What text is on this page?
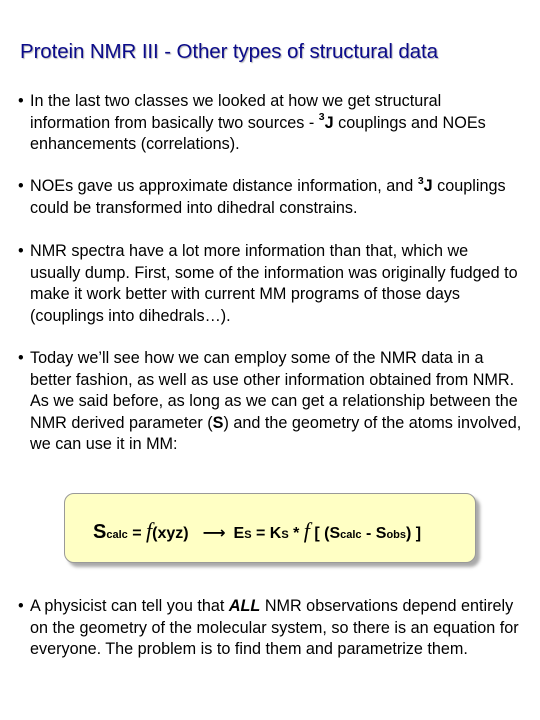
Protein NMR III - Other types of structural data
• In the last two classes we looked at how we get structural information from basically two sources - $^3$J couplings and NOEs enhancements (correlations).
• NOEs gave us approximate distance information, and $^3$J couplings could be transformed into dihedral constrains.
• NMR spectra have a lot more information than that, which we usually dump. First, some of the information was originally fudged to make it work better with current MM programs of those days (couplings into dihedrals…).
• Today we’ll see how we can employ some of the NMR data in a better fashion, as well as use other information obtained from NMR. As we said before, as long as we can get a relationship between the NMR derived parameter (S) and the geometry of the atoms involved, we can use it in MM:
S calc = f (xyz) ⟶ E S = K S * f [ (S calc - S obs ) ]
• A physicist can tell you that ALL NMR observations depend entirely on the geometry of the molecular system, so there is an equation for everyone. The problem is to find them and parametrize them.
